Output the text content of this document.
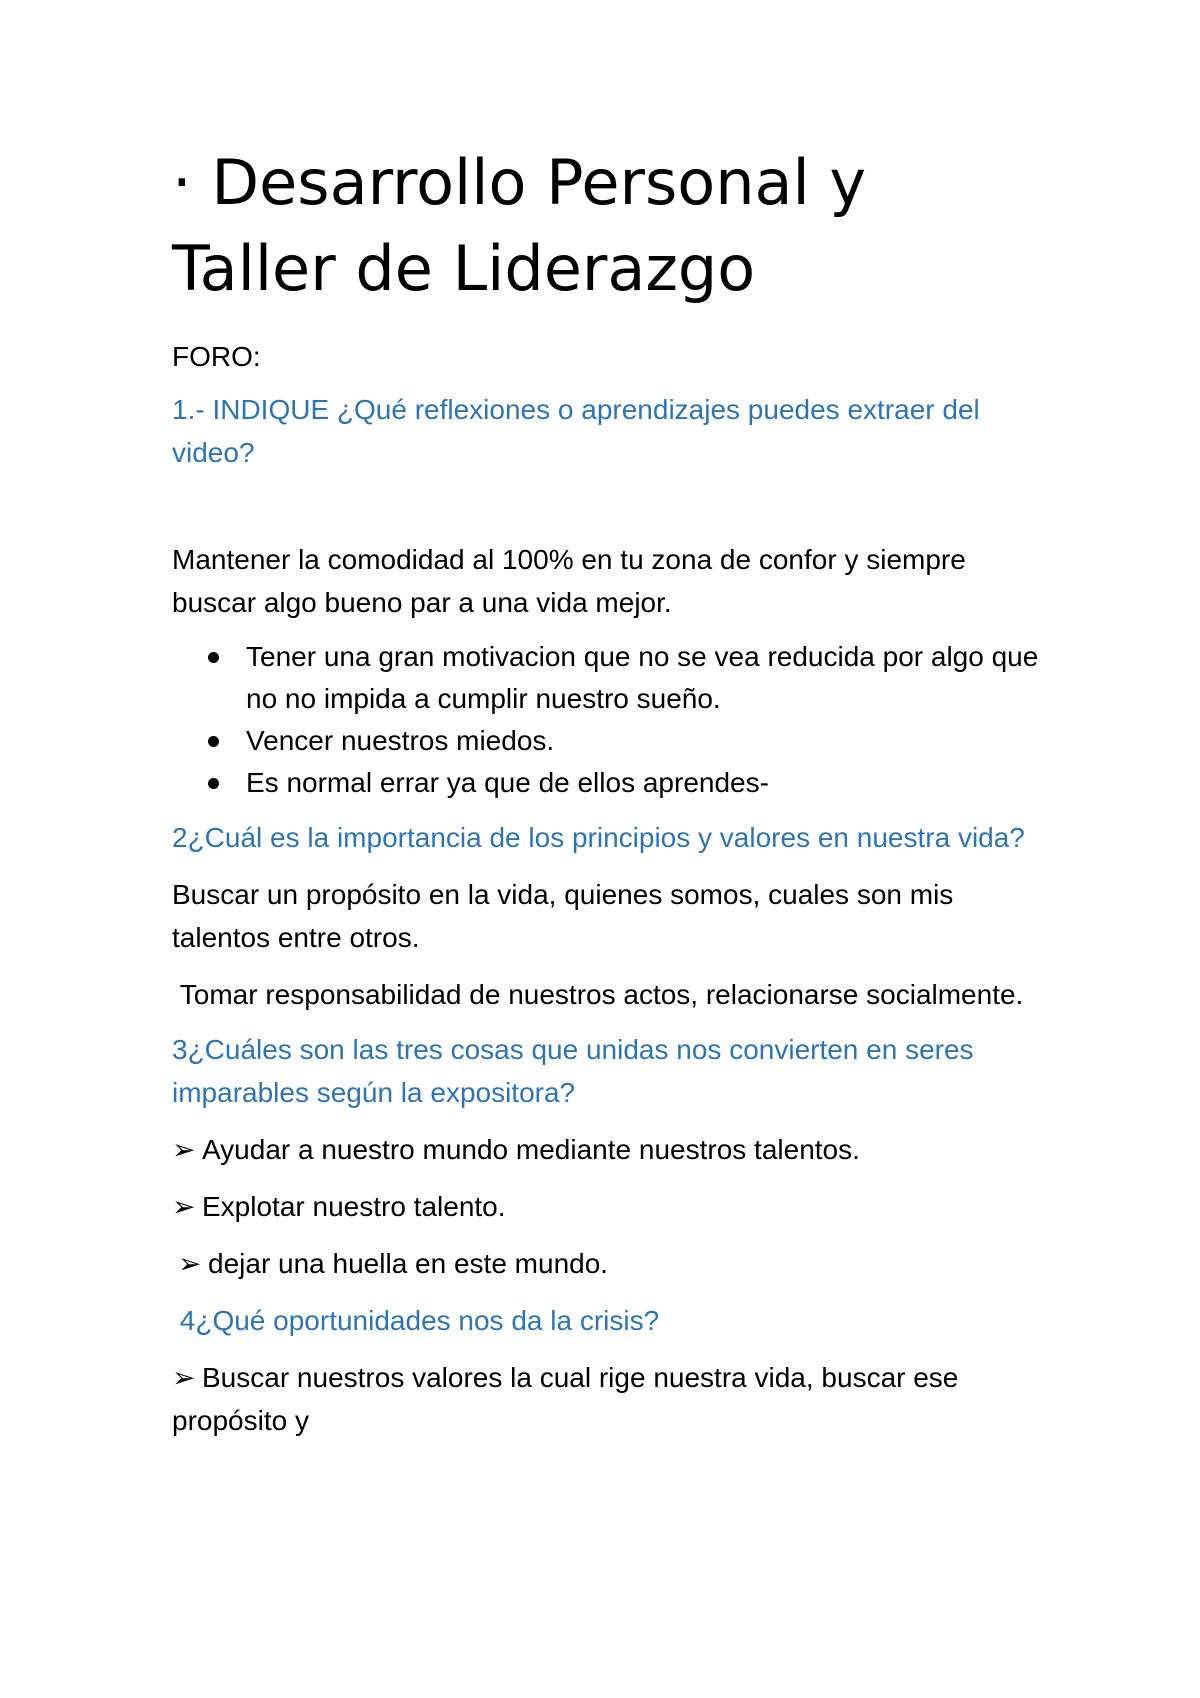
· Desarrollo Personal y
Taller de Liderazgo

FORO:

1.- INDIQUE ¿Qué reflexiones o aprendizajes puedes extraer del video?

Mantener la comodidad al 100% en tu zona de confor y siempre buscar algo bueno par a una vida mejor.

Tener una gran motivacion que no se vea reducida por algo que no no impida a cumplir nuestro sueño.
Vencer nuestros miedos.
Es normal errar ya que de ellos aprendes-

2¿Cuál es la importancia de los principios y valores en nuestra vida?

Buscar un propósito en la vida, quienes somos, cuales son mis talentos entre otros.

Tomar responsabilidad de nuestros actos, relacionarse socialmente.

3¿Cuáles son las tres cosas que unidas nos convierten en seres imparables según la expositora?

➢ Ayudar a nuestro mundo mediante nuestros talentos.

➢ Explotar nuestro talento.

➢ dejar una huella en este mundo.

4¿Qué oportunidades nos da la crisis?

➢ Buscar nuestros valores la cual rige nuestra vida, buscar ese propósito y
